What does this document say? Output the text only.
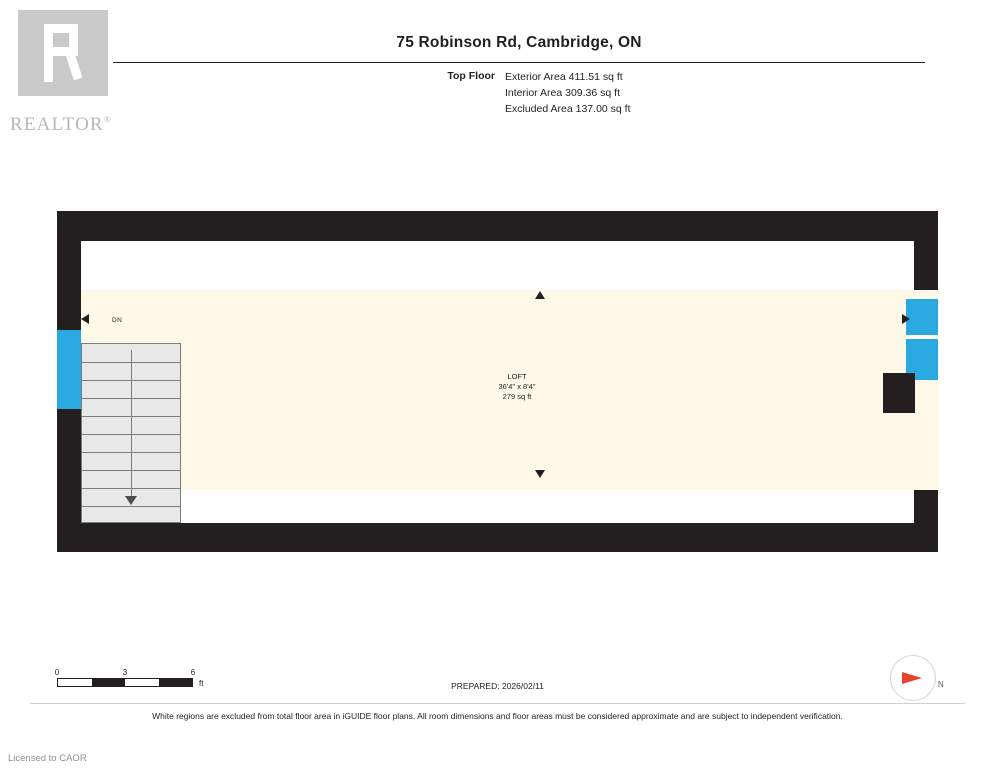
REALTOR®
75 Robinson Rd, Cambridge, ON
Top Floor Exterior Area 411.51 sq ft
Interior Area 309.36 sq ft
Excluded Area 137.00 sq ft
DN
LOFT
36'4" x 8'4"
279 sq ft
0	3	6
ft	PREPARED: 2026/02/11	N
White regions are excluded from total floor area in iGUIDE floor plans. All room dimensions and floor areas must be considered approximate and are subject to independent verification.
Licensed to CAOR
